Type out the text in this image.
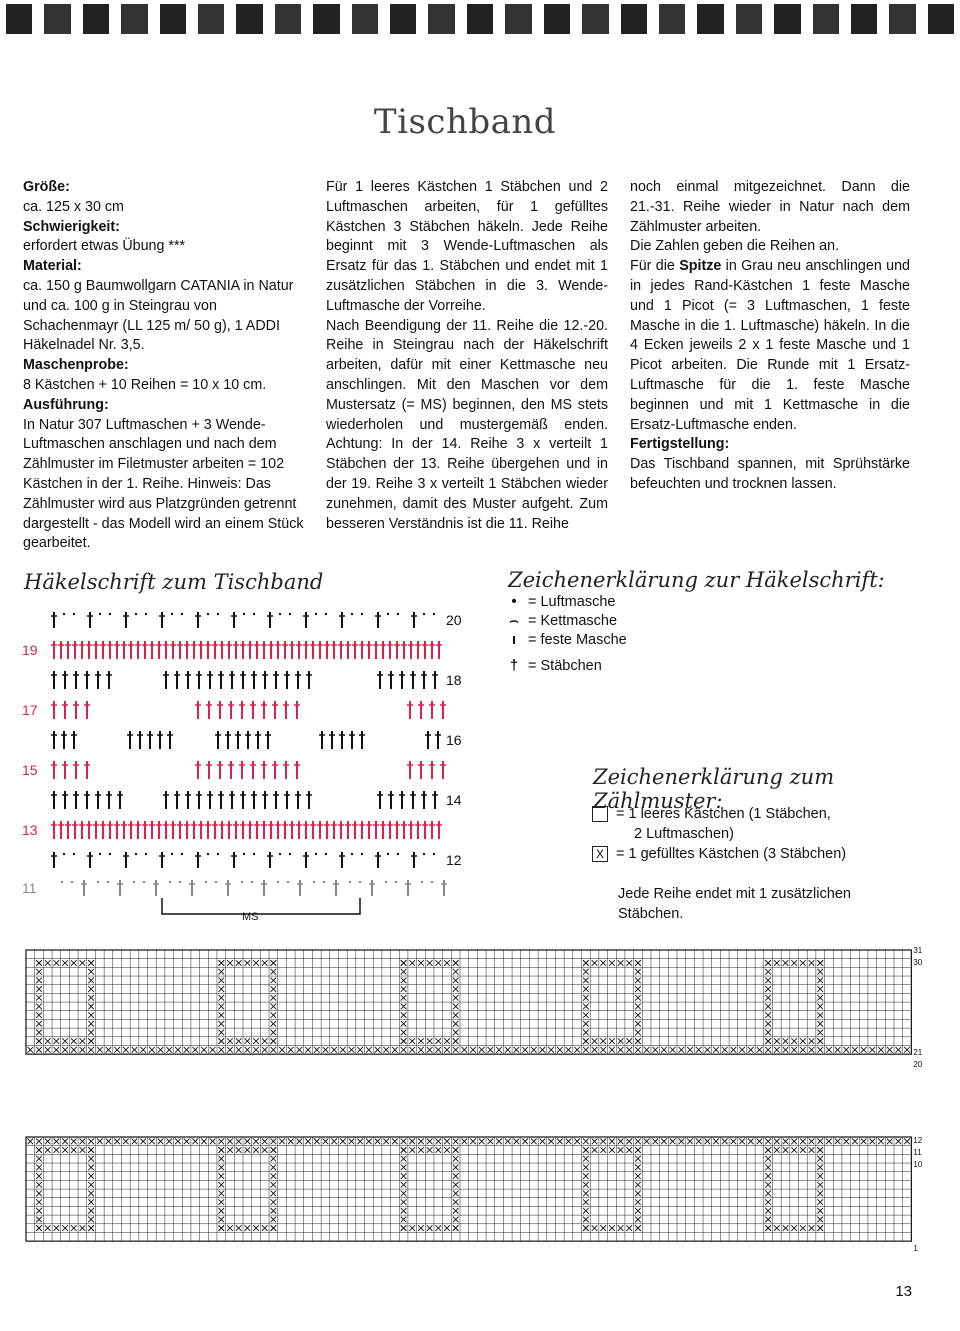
Tischband

Größe:

ca. 125 x 30 cm

Schwierigkeit:

erfordert etwas Übung ***

Material:

ca. 150 g Baumwollgarn CATANIA in Natur und ca. 100 g in Steingrau von Schachenmayr (LL 125 m/ 50 g), 1 ADDI Häkelnadel Nr. 3,5.

Maschenprobe:

8 Kästchen + 10 Reihen = 10 x 10 cm.

Ausführung:

In Natur 307 Luftmaschen + 3 Wende-Luftmaschen anschlagen und nach dem Zählmuster im Filetmuster arbeiten = 102 Kästchen in der 1. Reihe. Hinweis: Das Zählmuster wird aus Platzgründen getrennt dargestellt - das Modell wird an einem Stück gearbeitet.

Für 1 leeres Kästchen 1 Stäbchen und 2 Luftmaschen arbeiten, für 1 gefülltes Kästchen 3 Stäbchen häkeln. Jede Reihe beginnt mit 3 Wende-Luftmaschen als Ersatz für das 1. Stäbchen und endet mit 1 zusätzlichen Stäbchen in die 3. Wende-Luftmasche der Vorreihe.

Nach Beendigung der 11. Reihe die 12.-20. Reihe in Steingrau nach der Häkelschrift arbeiten, dafür mit einer Kettmasche neu anschlingen. Mit den Maschen vor dem Mustersatz (= MS) beginnen, den MS stets wiederholen und mustergemäß enden. Achtung: In der 14. Reihe 3 x verteilt 1 Stäbchen der 13. Reihe übergehen und in der 19. Reihe 3 x verteilt 1 Stäbchen wieder zunehmen, damit des Muster aufgeht. Zum besseren Verständnis ist die 11. Reihe

noch einmal mitgezeichnet. Dann die 21.-31. Reihe wieder in Natur nach dem Zählmuster arbeiten.

Die Zahlen geben die Reihen an.

Für die Spitze in Grau neu anschlingen und in jedes Rand-Kästchen 1 feste Masche und 1 Picot (= 3 Luftmaschen, 1 feste Masche in die 1. Luftmasche) häkeln. In die 4 Ecken jeweils 2 x 1 feste Masche und 1 Picot arbeiten. Die Runde mit 1 Ersatz-Luftmasche für die 1. feste Masche beginnen und mit 1 Kettmasche in die Ersatz-Luftmasche enden.

Fertigstellung:

Das Tischband spannen, mit Sprühstärke befeuchten und trocknen lassen.

Häkelschrift zum Tischband
19
17
15
13
11
20
18
16
14
12
MS
Zeichenerklärung zur Häkelschrift:
• = Luftmasche
⌢ = Kettmasche
ı = feste Masche
† = Stäbchen
Zeichenerklärung zum Zählmuster:
= 1 leeres Kästchen (1 Stäbchen,
2 Luftmaschen)
X = 1 gefülltes Kästchen (3 Stäbchen)
Jede Reihe endet mit 1 zusätzlichen Stäbchen.
31
30
21
20
12
11
10
1
13
